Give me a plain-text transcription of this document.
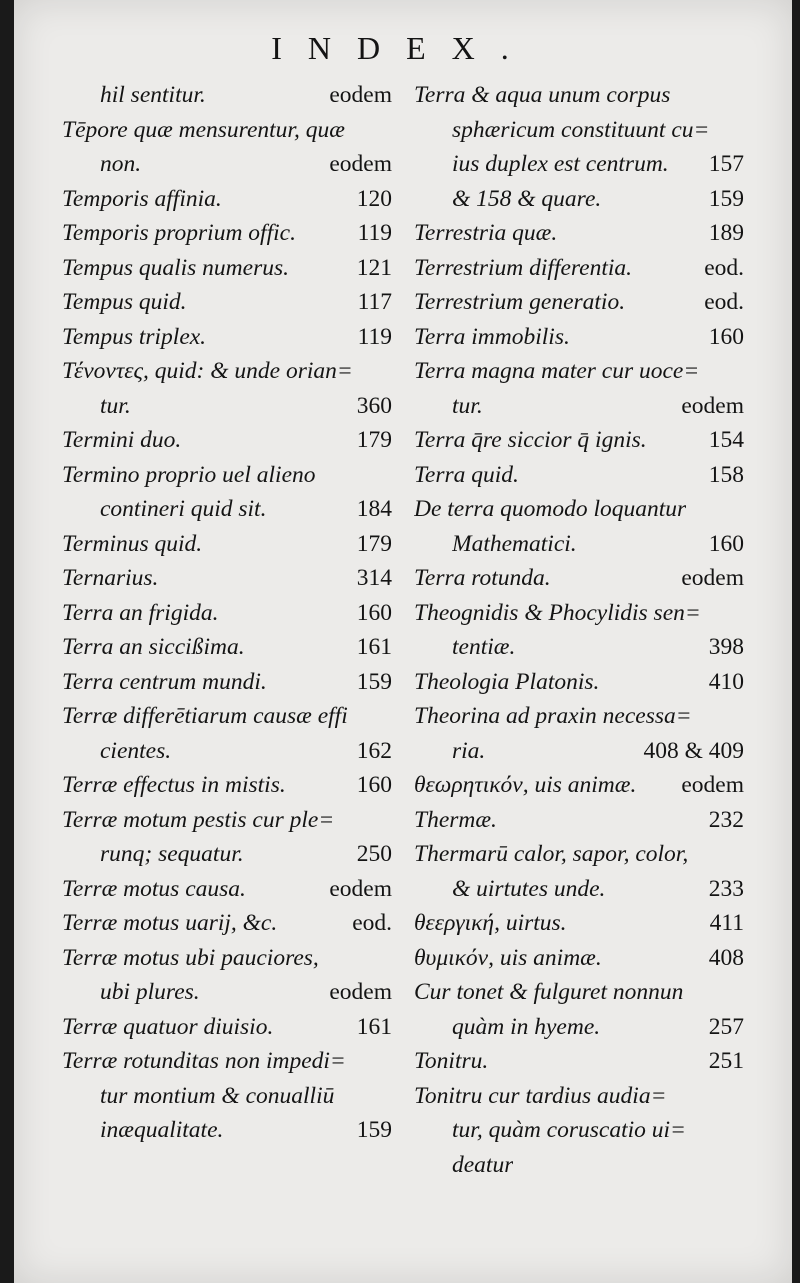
INDEX.
hil sentitur.	eodem
Tēpore quæ mensurentur, quæ
non.	eodem
Temporis affinia.	120
Temporis proprium offic.	119
Tempus qualis numerus.	121
Tempus quid.	117
Tempus triplex.	119
Τένοντες, quid: & unde orian=
tur.	360
Termini duo.	179
Termino proprio uel alieno
contineri quid sit.	184
Terminus quid.	179
Ternarius.	314
Terra an frigida.	160
Terra an siccißima.	161
Terra centrum mundi.	159
Terræ differētiarum causæ effi
cientes.	162
Terræ effectus in mistis.	160
Terræ motum pestis cur ple=
runq; sequatur.	250
Terræ motus causa.	eodem
Terræ motus uarij, &c.	eod.
Terræ motus ubi pauciores,
ubi plures.	eodem
Terræ quatuor diuisio.	161
Terræ rotunditas non impedi=
tur montium & conualliū
inæqualitate.	159
Terra & aqua unum corpus
sphæricum constituunt cu=
ius duplex est centrum.	157
& 158 & quare.	159
Terrestria quæ.	189
Terrestrium differentia.	eod.
Terrestrium generatio.	eod.
Terra immobilis.	160
Terra magna mater cur uoce=
tur.	eodem
Terra q̄re siccior q̄ ignis.	154
Terra quid.	158
De terra quomodo loquantur
Mathematici.	160
Terra rotunda.	eodem
Theognidis & Phocylidis sen=
tentiæ.	398
Theologia Platonis.	410
Theorina ad praxin necessa=
ria.	408 & 409
θεωρητικόν, uis animæ.	eodem
Thermæ.	232
Thermarū calor, sapor, color,
& uirtutes unde.	233
θεεργική, uirtus.	411
θυμικόν, uis animæ.	408
Cur tonet & fulguret nonnun
quàm in hyeme.	257
Tonitru.	251
Tonitru cur tardius audia=
tur, quàm coruscatio ui=
deatur
